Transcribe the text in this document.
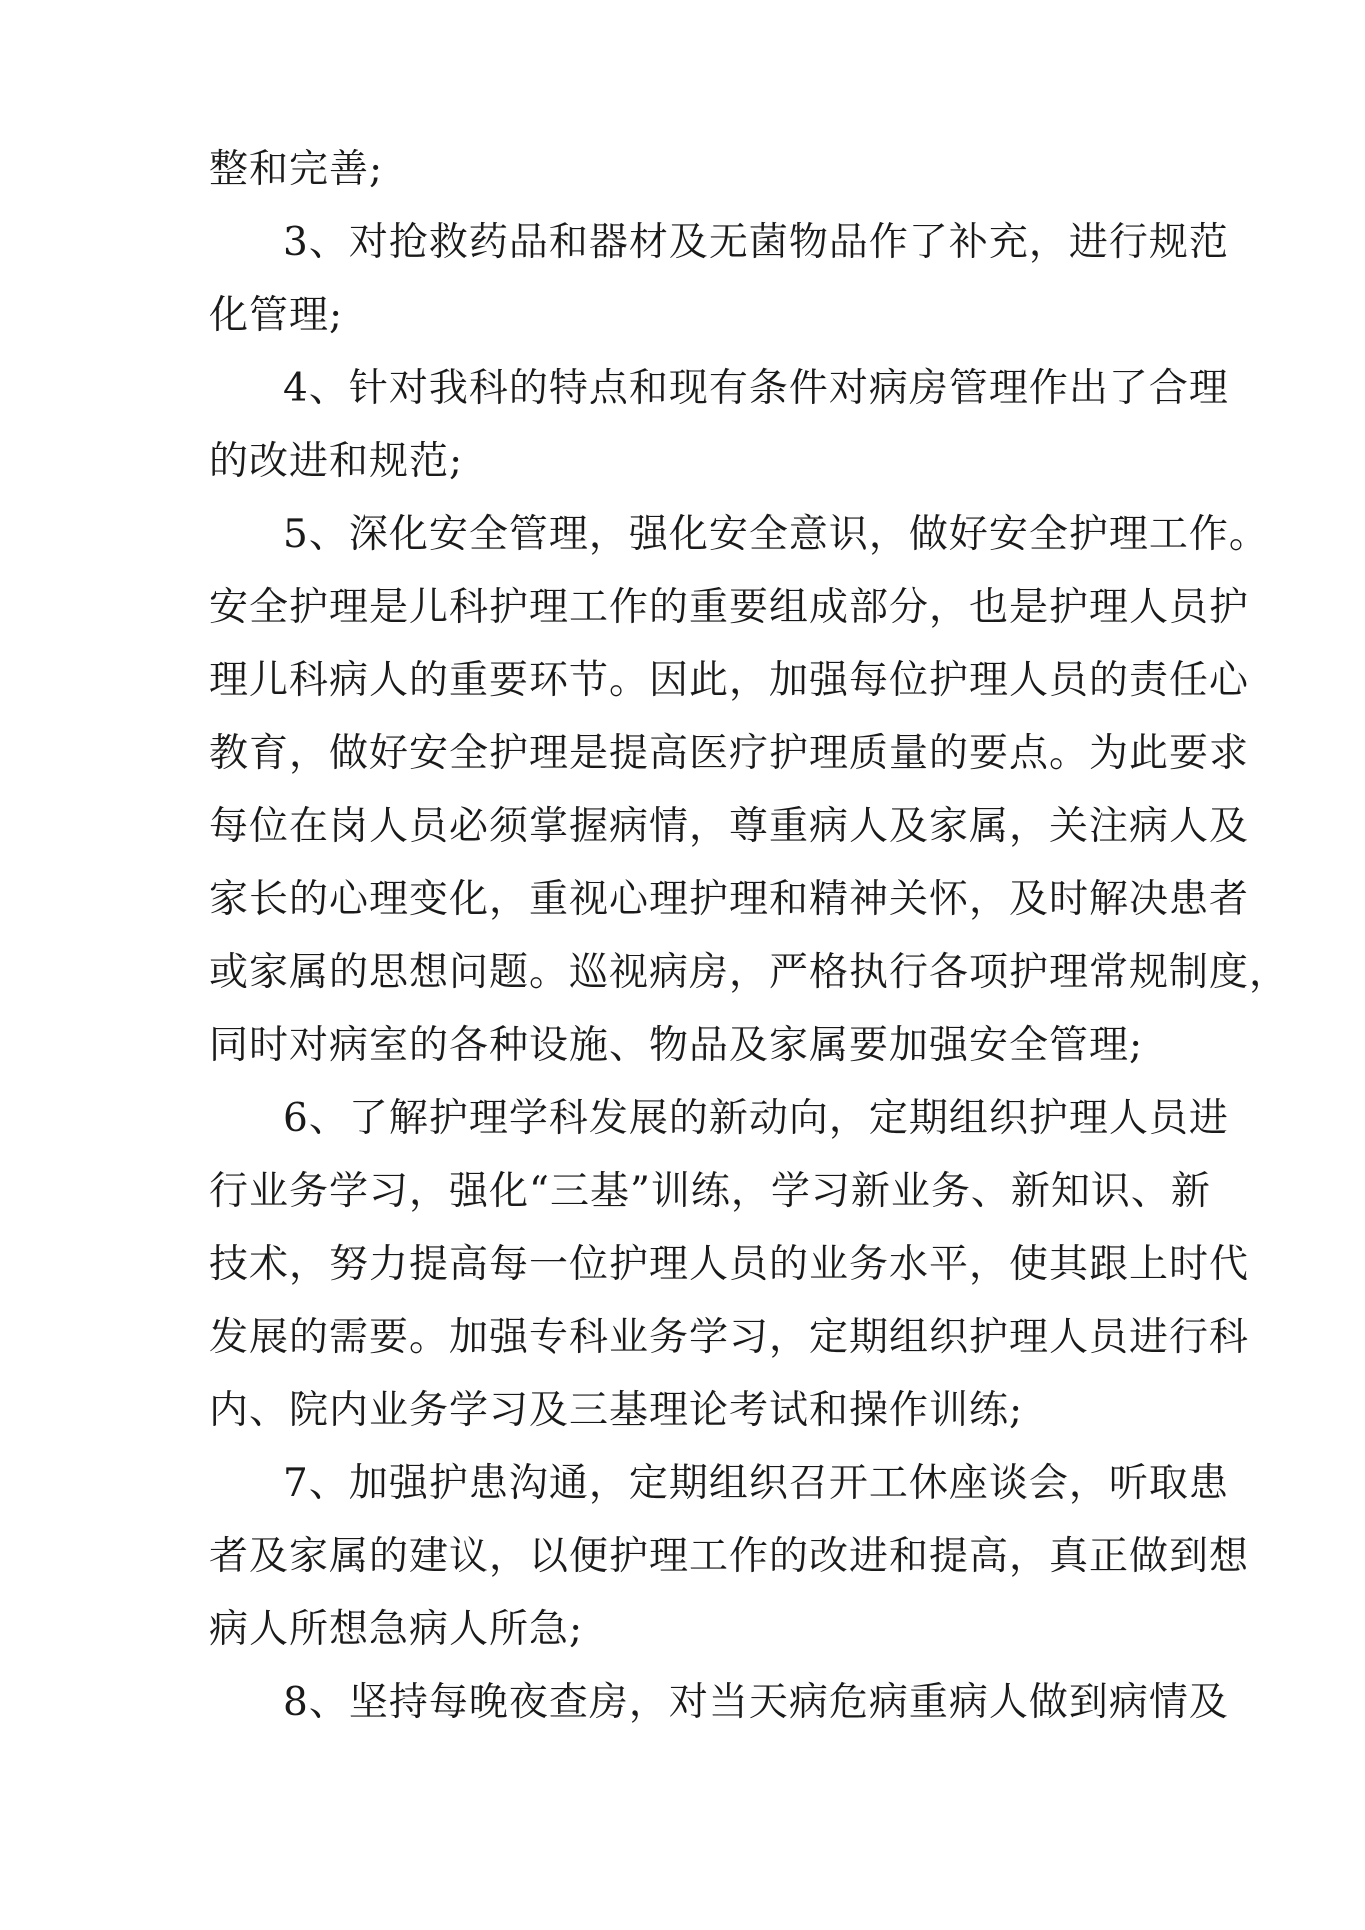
整和完善;
3、对抢救药品和器材及无菌物品作了补充，进行规范
化管理;
4、针对我科的特点和现有条件对病房管理作出了合理
的改进和规范;
5、深化安全管理，强化安全意识，做好安全护理工作。
安全护理是儿科护理工作的重要组成部分，也是护理人员护
理儿科病人的重要环节。因此，加强每位护理人员的责任心
教育，做好安全护理是提高医疗护理质量的要点。为此要求
每位在岗人员必须掌握病情，尊重病人及家属，关注病人及
家长的心理变化，重视心理护理和精神关怀，及时解决患者
或家属的思想问题。巡视病房，严格执行各项护理常规制度，
同时对病室的各种设施、物品及家属要加强安全管理;
6、了解护理学科发展的新动向，定期组织护理人员进
行业务学习，强化“三基”训练，学习新业务、新知识、新
技术，努力提高每一位护理人员的业务水平，使其跟上时代
发展的需要。加强专科业务学习，定期组织护理人员进行科
内、院内业务学习及三基理论考试和操作训练;
7、加强护患沟通，定期组织召开工休座谈会，听取患
者及家属的建议，以便护理工作的改进和提高，真正做到想
病人所想急病人所急;
8、坚持每晚夜查房，对当天病危病重病人做到病情及
